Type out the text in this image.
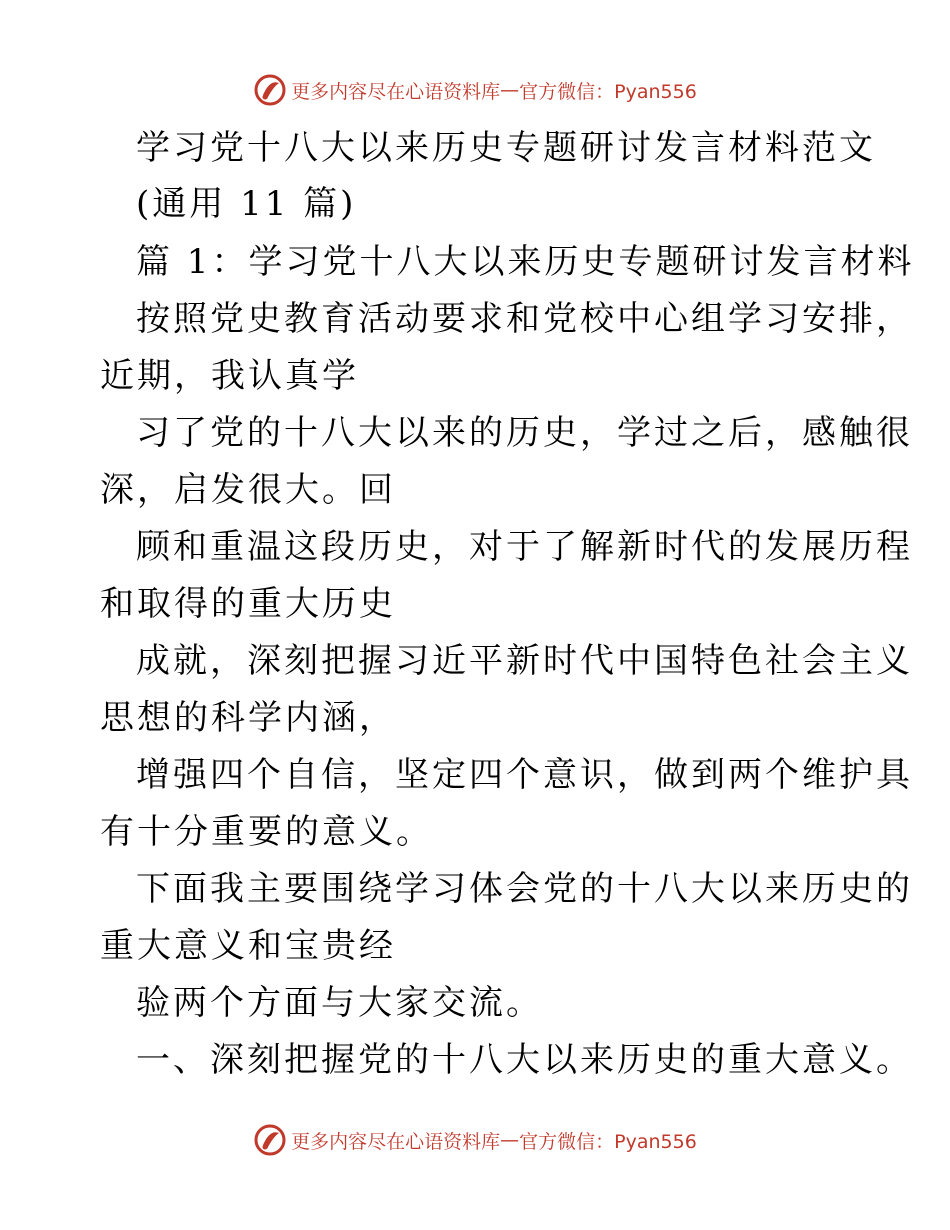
更多内容尽在心语资料库 — 官方微信：Pyan556
学习党十八大以来历史专题研讨发言材料范文
(通用 11 篇)
篇 1：学习党十八大以来历史专题研讨发言材料
按照党史教育活动要求和党校中心组学习安排，
近期，我认真学
习了党的十八大以来的历史，学过之后，感触很
深，启发很大。回
顾和重温这段历史，对于了解新时代的发展历程
和取得的重大历史
成就，深刻把握习近平新时代中国特色社会主义
思想的科学内涵，
增强四个自信，坚定四个意识，做到两个维护具
有十分重要的意义。
下面我主要围绕学习体会党的十八大以来历史的
重大意义和宝贵经
验两个方面与大家交流。
一、深刻把握党的十八大以来历史的重大意义。
更多内容尽在心语资料库 — 官方微信：Pyan556
